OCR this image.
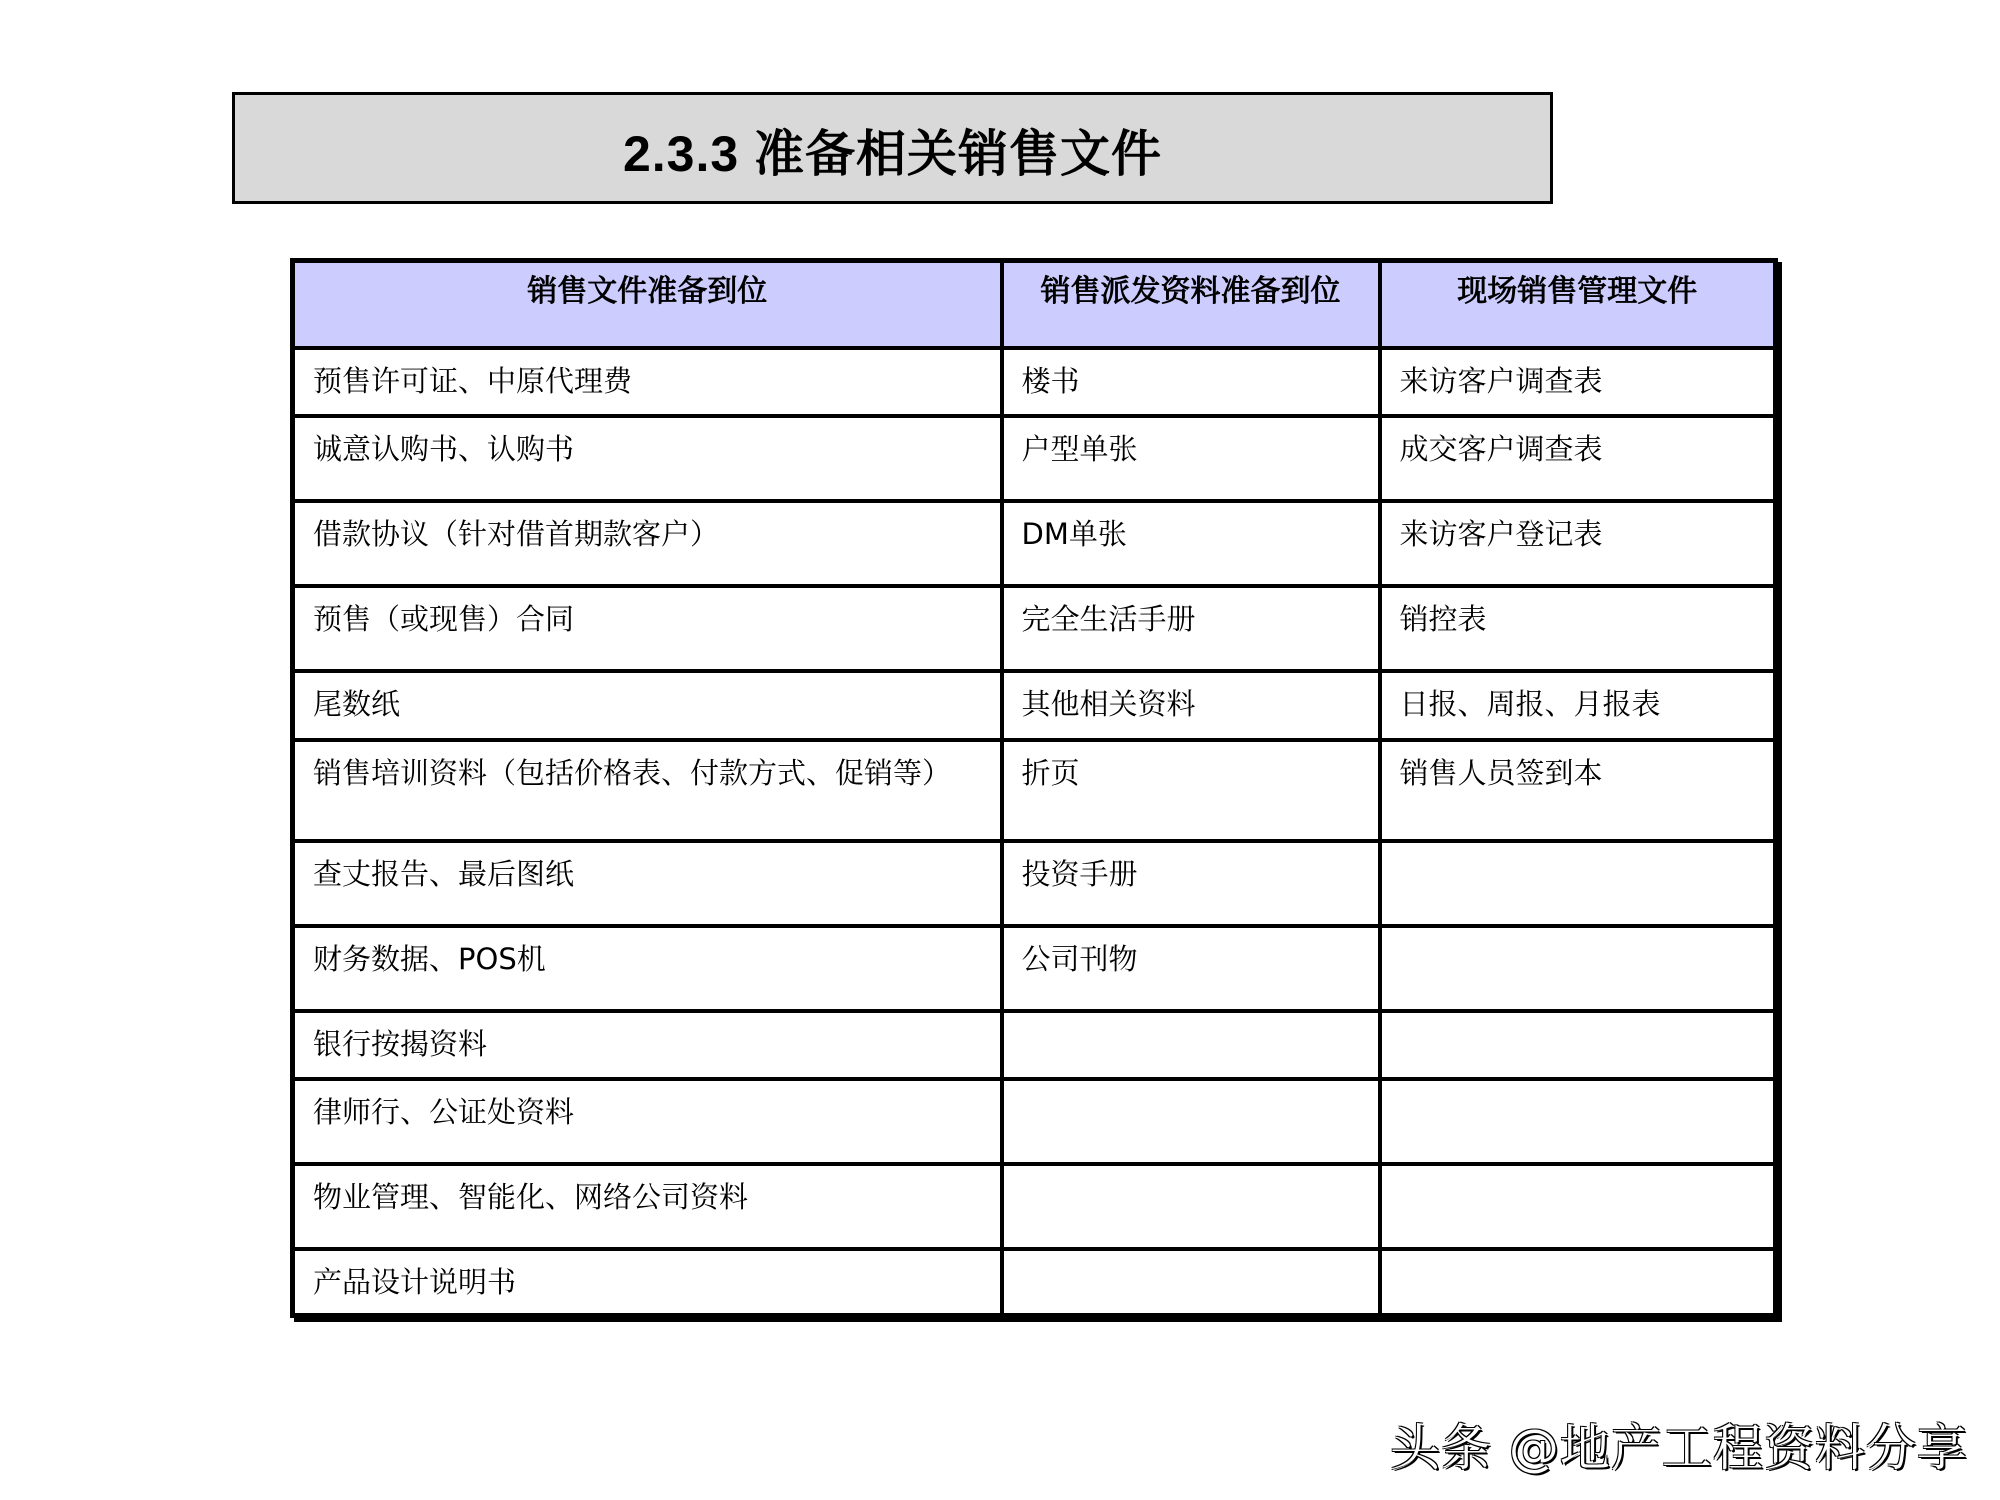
2.3.3 准备相关销售文件
销售文件准备到位	销售派发资料准备到位	现场销售管理文件
预售许可证、中原代理费	楼书	来访客户调查表
诚意认购书、认购书	户型单张	成交客户调查表
借款协议（针对借首期款客户）	DM单张	来访客户登记表
预售（或现售）合同	完全生活手册	销控表
尾数纸	其他相关资料	日报、周报、月报表
销售培训资料（包括价格表、付款方式、促销等）	折页	销售人员签到本
查丈报告、最后图纸	投资手册	
财务数据、POS机	公司刊物	
银行按揭资料		
律师行、公证处资料		
物业管理、智能化、网络公司资料		
产品设计说明书		
头条 @地产工程资料分享
